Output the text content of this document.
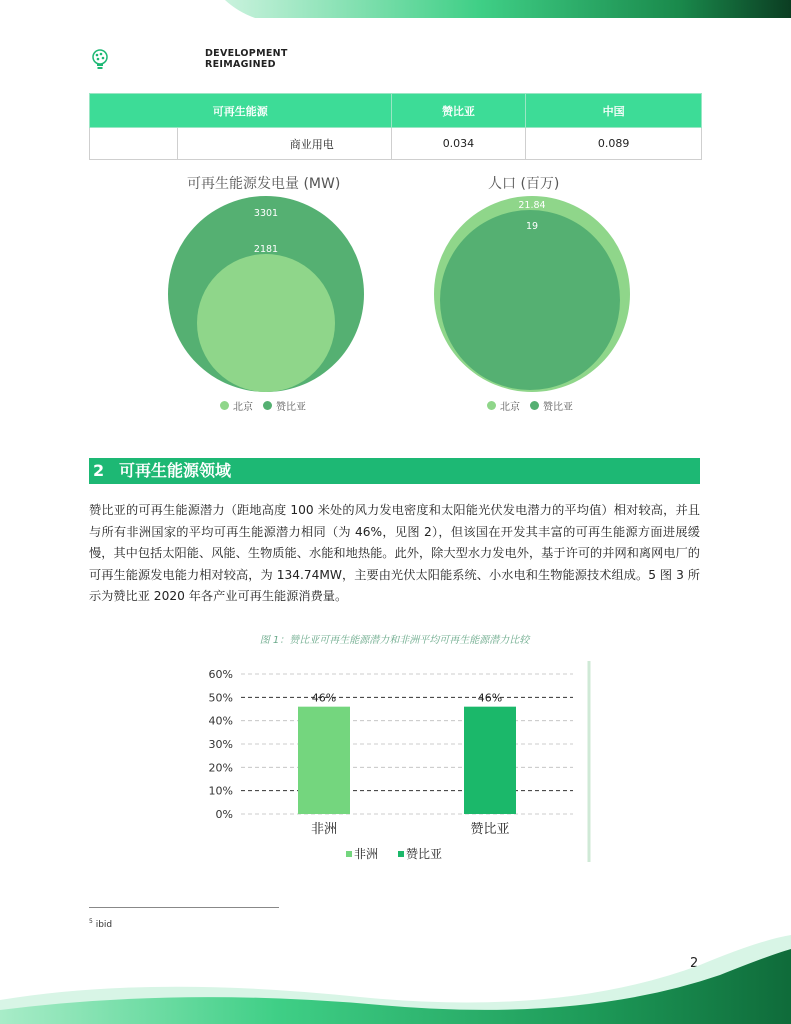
DEVELOPMENT
REIMAGINED
可再生能源		赞比亚	中国
	商业用电	0.034	0.089
可再生能源发电量 (MW)
3301
2181
北京 赞比亚
人口 (百万)
21.84
19
北京 赞比亚
2 可再生能源领域
赞比亚的可再生能源潜力（距地高度 100 米处的风力发电密度和太阳能光伏发电潜力的平均值）相对较高，并且与所有非洲国家的平均可再生能源潜力相同（为 46%，见图 2），但该国在开发其丰富的可再生能源方面进展缓慢，其中包括太阳能、风能、生物质能、水能和地热能。此外，除大型水力发电外，基于许可的并网和离网电厂的可再生能源发电能力相对较高，为 134.74MW，主要由光伏太阳能系统、小水电和生物能源技术组成。5 图 3 所示为赞比亚 2020 年各产业可再生能源消费量。
图 1：赞比亚可再生能源潜力和非洲平均可再生能源潜力比较
0%
10%
20%
30%
40%
50%
60%
46%	46%
非洲	赞比亚
非洲 赞比亚
$^5$ ibid
2
